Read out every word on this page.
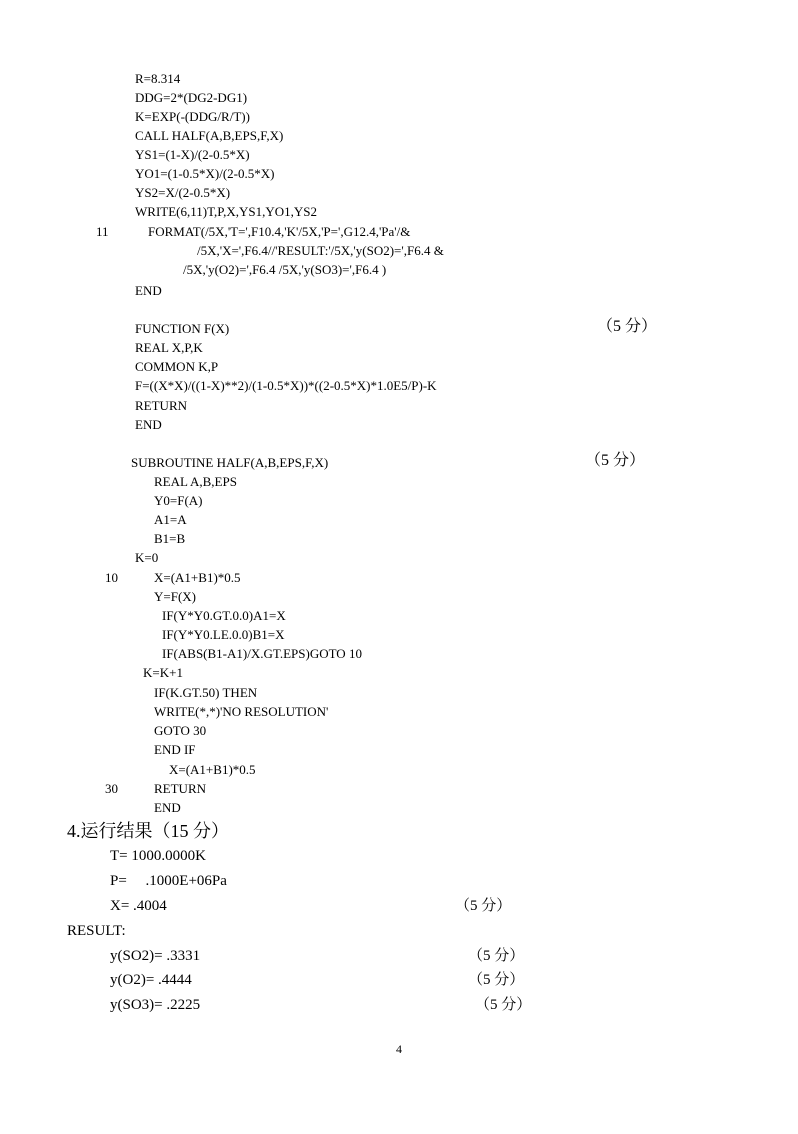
R=8.314
DDG=2*(DG2-DG1)
K=EXP(-(DDG/R/T))
CALL HALF(A,B,EPS,F,X)
YS1=(1-X)/(2-0.5*X)
YO1=(1-0.5*X)/(2-0.5*X)
YS2=X/(2-0.5*X)
WRITE(6,11)T,P,X,YS1,YO1,YS2
11	FORMAT(/5X,'T=',F10.4,'K'/5X,'P=',G12.4,'Pa'/&
/5X,'X=',F6.4//'RESULT:'/5X,'y(SO2)=',F6.4 &
/5X,'y(O2)=',F6.4 /5X,'y(SO3)=',F6.4 )
END
FUNCTION F(X)	（5 分）
REAL X,P,K
COMMON K,P
F=((X*X)/((1-X)**2)/(1-0.5*X))*((2-0.5*X)*1.0E5/P)-K
RETURN
END
SUBROUTINE HALF(A,B,EPS,F,X)	（5 分）
REAL A,B,EPS
Y0=F(A)
A1=A
B1=B
K=0
10	X=(A1+B1)*0.5
Y=F(X)
IF(Y*Y0.GT.0.0)A1=X
IF(Y*Y0.LE.0.0)B1=X
IF(ABS(B1-A1)/X.GT.EPS)GOTO 10
K=K+1
IF(K.GT.50) THEN
WRITE(*,*)'NO RESOLUTION'
GOTO 30
END IF
X=(A1+B1)*0.5
30	RETURN
END
4.运行结果（15 分）
T= 1000.0000K
P=     .1000E+06Pa
X= .4004	（5 分）
RESULT:
y(SO2)= .3331	（5 分）
y(O2)= .4444	（5 分）
y(SO3)= .2225	（5 分）
4
